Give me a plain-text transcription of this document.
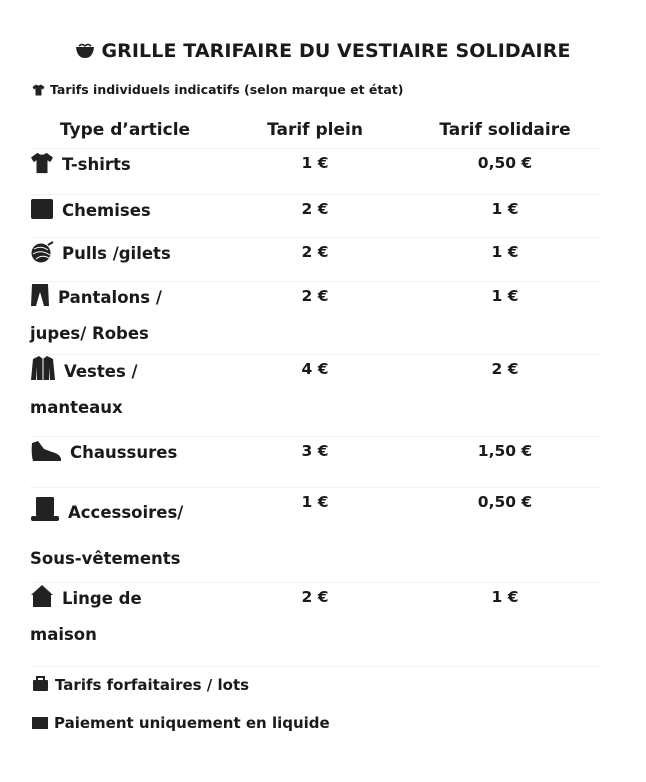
GRILLE TARIFAIRE DU VESTIAIRE SOLIDAIRE
Tarifs individuels indicatifs (selon marque et état)
Type d’article	Tarif plein	Tarif solidaire
T-shirts	1 €	0,50 €
Chemises	2 €	1 €
Pulls /gilets	2 €	1 €
Pantalons /
jupes/ Robes	2 €	1 €
Vestes /
manteaux	4 €	2 €
Chaussures	3 €	1,50 €
Accessoires/
Sous-vêtements	1 €	0,50 €
Linge de
maison	2 €	1 €
Tarifs forfaitaires / lots
Paiement uniquement en liquide
